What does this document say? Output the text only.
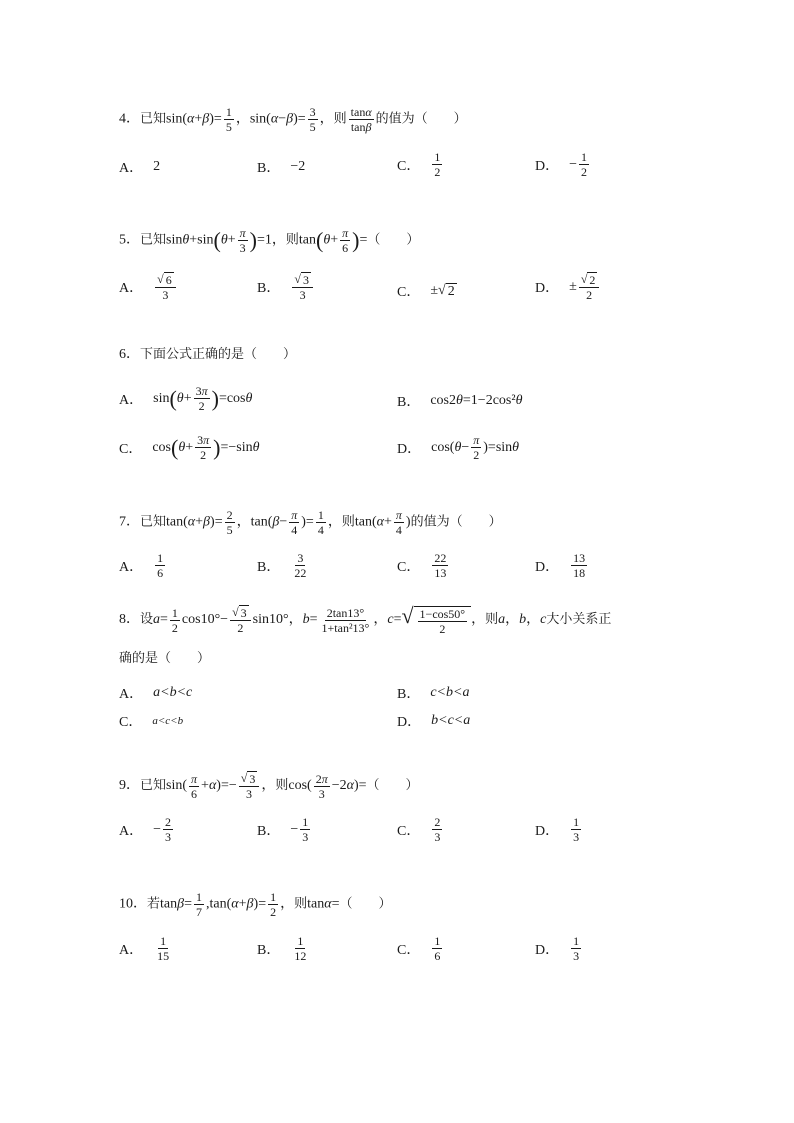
4．已知$\sin(\alpha+\beta)= \frac{1}{5}$ ，$\sin(\alpha-\beta)= \frac{3}{5}$ ，则 $\frac{\tan\alpha}{\tan\beta}$ 的值为（　　）
A． 2	B． −2	C． $\frac{1}{2}$	D． − $\frac{1}{2}$
5．已知$\sin\theta+\sin(\theta+ \frac{\pi}{3} )=1$，则$\tan(\theta+ \frac{\pi}{6}$ )=（　　）
A． $\frac{√ 6}{3}$	B． $\frac{√ 3}{3}$	C． ± √ 2	D． ± $\frac{√ 2}{2}$
6．下面公式正确的是（　　）
A． sin ( $\theta + \frac{3\pi}{2}$ ) =cos θ	B． cos2 θ =1−2cos² θ
C． cos ( $\theta + \frac{3\pi}{2}$ ) =−sin θ	D． cos( $\theta - \frac{\pi}{2} )=\sin$ θ
7．已知$\tan(\alpha+\beta)= \frac{2}{5}$ ，$\tan(\beta- \frac{\pi}{4}$ )= $\frac{1}{4}$ ，则$\tan(\alpha+ \frac{\pi}{4}$ )的值为（　　）
A． $\frac{1}{6}$	B． $\frac{3}{22}$	C． $\frac{22}{13}$	D． $\frac{13}{18}$
8．设$a= \frac{1}{2} \cos 10^\circ- \frac{√ 3}{2} \sin 10^\circ$，$b= \frac{2\tan 13^\circ}{\text{1+tan²13°}}$ ，c= √ $\frac{1-\cos 50^\circ}{2}$ ，则a，b，c大小关系正
确的是（　　）
A． a<b<c	B． c<b<a
C． a<c<b	D． b<c<a
9．已知$\sin( \frac{\pi}{6} +\alpha)=- \frac{√ 3}{3}$ ，则$\cos( \frac{2\pi}{3} -2\alpha)=$（　　）
A． − $\frac{2}{3}$	B． − $\frac{1}{3}$	C． $\frac{2}{3}$	D． $\frac{1}{3}$
10．若$\tan\beta= \frac{1}{7} ,\tan(\alpha+\beta)= \frac{1}{2}$ ，则tanα=（　　）
A． $\frac{1}{15}$	B． $\frac{1}{12}$	C． $\frac{1}{6}$	D． $\frac{1}{3}$
